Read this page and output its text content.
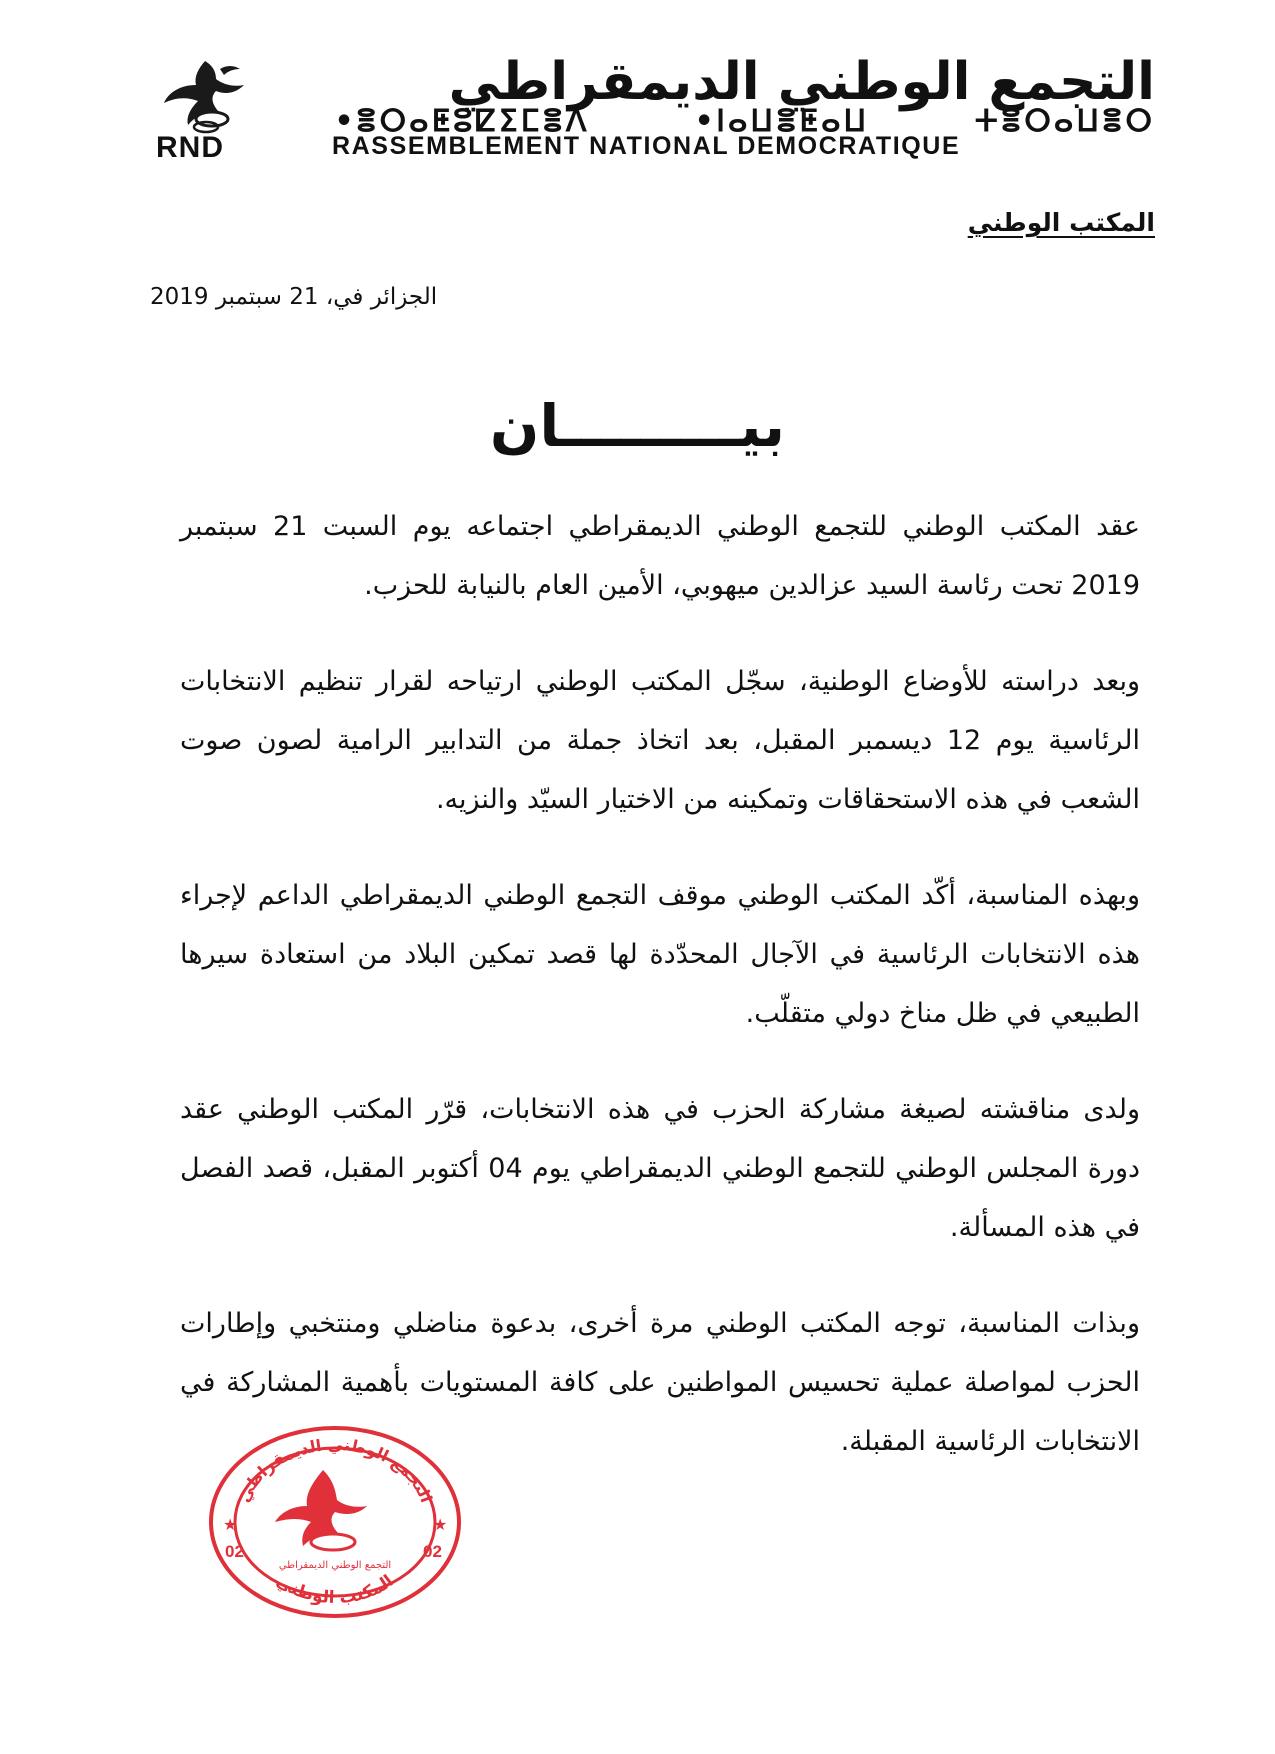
RND
التجمع الوطني الديمقراطي
•ⴻⵔⴰⵟⵓⵇⵉⵎⴻⴷ	•ⵏⴰⵡⴻⵟⴰⵡ	ⵜⴻⵔⴰⵡⴻⵔ
RASSEMBLEMENT NATIONAL DEMOCRATIQUE
المكتب الوطني
الجزائر في، 21 سبتمبر 2019
بيـــــــــان

عقد المكتب الوطني للتجمع الوطني الديمقراطي اجتماعه يوم السبت 21 سبتمبر 2019 تحت رئاسة السيد عزالدين ميهوبي، الأمين العام بالنيابة للحزب.

وبعد دراسته للأوضاع الوطنية، سجّل المكتب الوطني ارتياحه لقرار تنظيم الانتخابات الرئاسية يوم 12 ديسمبر المقبل، بعد اتخاذ جملة من التدابير الرامية لصون صوت الشعب في هذه الاستحقاقات وتمكينه من الاختيار السيّد والنزيه.

وبهذه المناسبة، أكّد المكتب الوطني موقف التجمع الوطني الديمقراطي الداعم لإجراء هذه الانتخابات الرئاسية في الآجال المحدّدة لها قصد تمكين البلاد من استعادة سيرها الطبيعي في ظل مناخ دولي متقلّب.

ولدى مناقشته لصيغة مشاركة الحزب في هذه الانتخابات، قرّر المكتب الوطني عقد دورة المجلس الوطني للتجمع الوطني الديمقراطي يوم 04 أكتوبر المقبل، قصد الفصل في هذه المسألة.

وبذات المناسبة، توجه المكتب الوطني مرة أخرى، بدعوة مناضلي ومنتخبي وإطارات الحزب لمواصلة عملية تحسيس المواطنين على كافة المستويات بأهمية المشاركة في الانتخابات الرئاسية المقبلة.

التجمع الوطني الديمقراطي
المكتب الوطني
التجمع الوطني الديمقراطي
★	★
02	02
